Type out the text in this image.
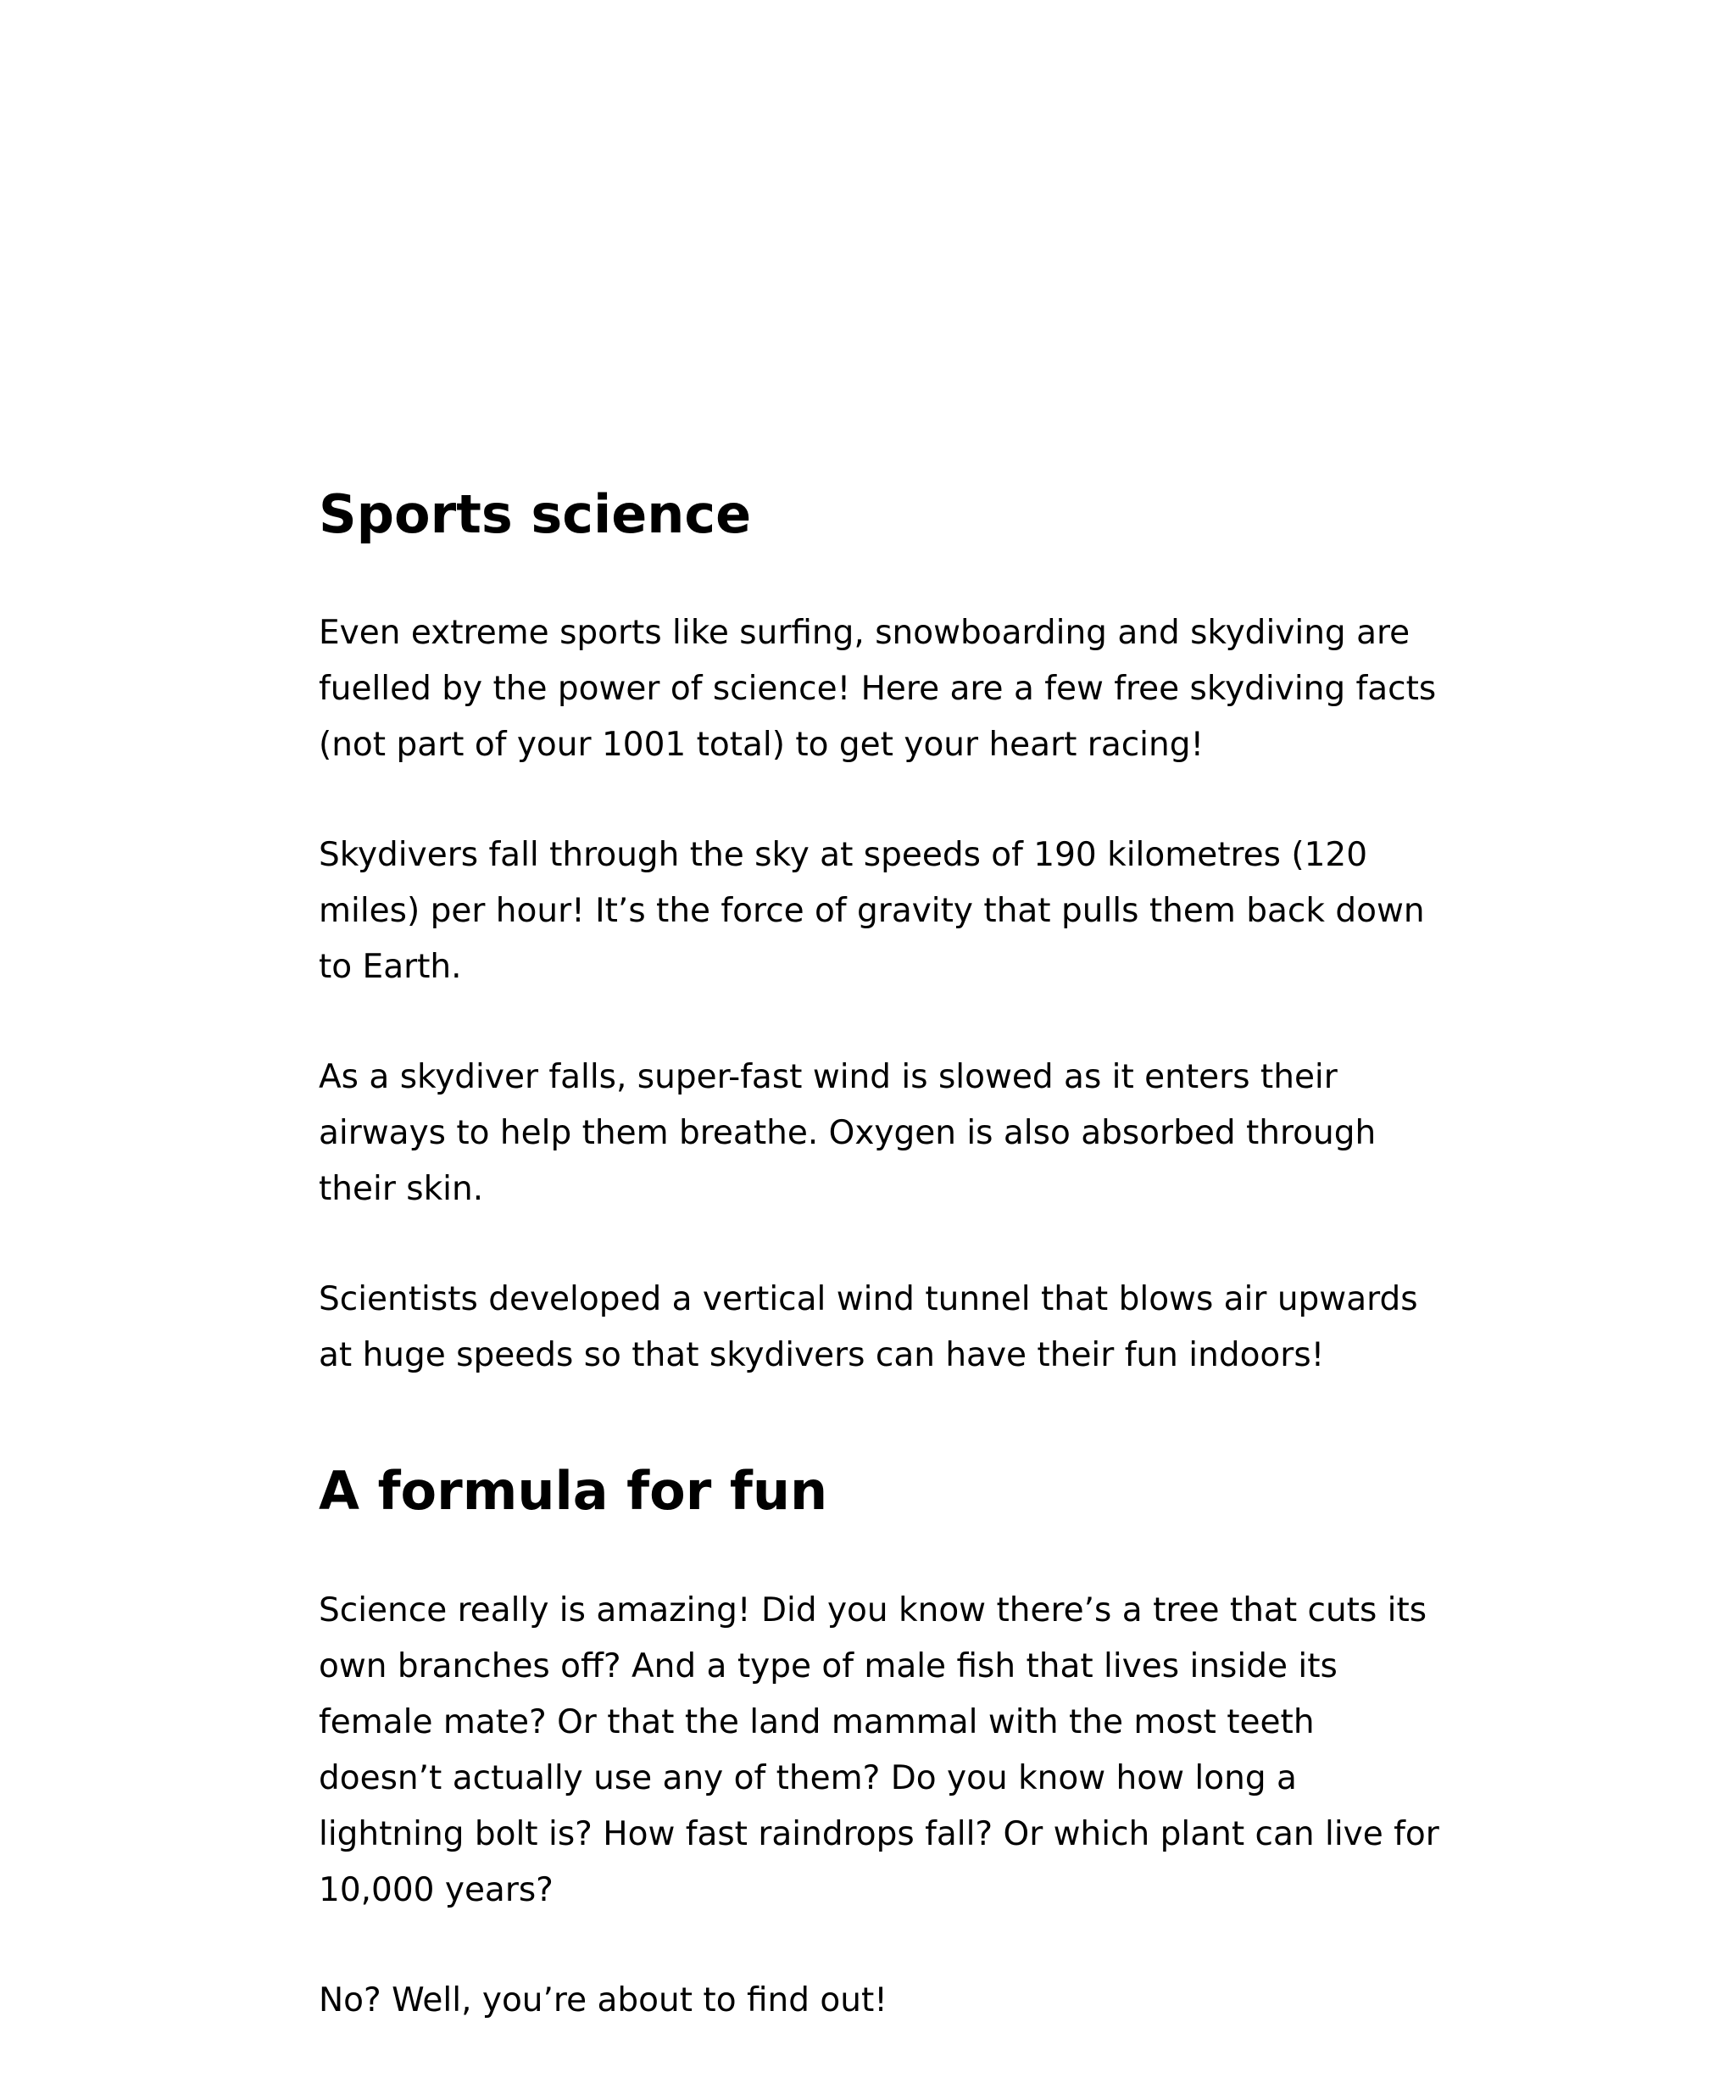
Sports science

Even extreme sports like surfing, snowboarding and skydiving are fuelled by the power of science! Here are a few free skydiving facts (not part of your 1001 total) to get your heart racing!

Skydivers fall through the sky at speeds of 190 kilometres (120 miles) per hour! It’s the force of gravity that pulls them back down to Earth.

As a skydiver falls, super-fast wind is slowed as it enters their airways to help them breathe. Oxygen is also absorbed through their skin.

Scientists developed a vertical wind tunnel that blows air upwards at huge speeds so that skydivers can have their fun indoors!

A formula for fun

Science really is amazing! Did you know there’s a tree that cuts its own branches off? And a type of male fish that lives inside its female mate? Or that the land mammal with the most teeth doesn’t actually use any of them? Do you know how long a lightning bolt is? How fast raindrops fall? Or which plant can live for 10,000 years?

No? Well, you’re about to find out!
